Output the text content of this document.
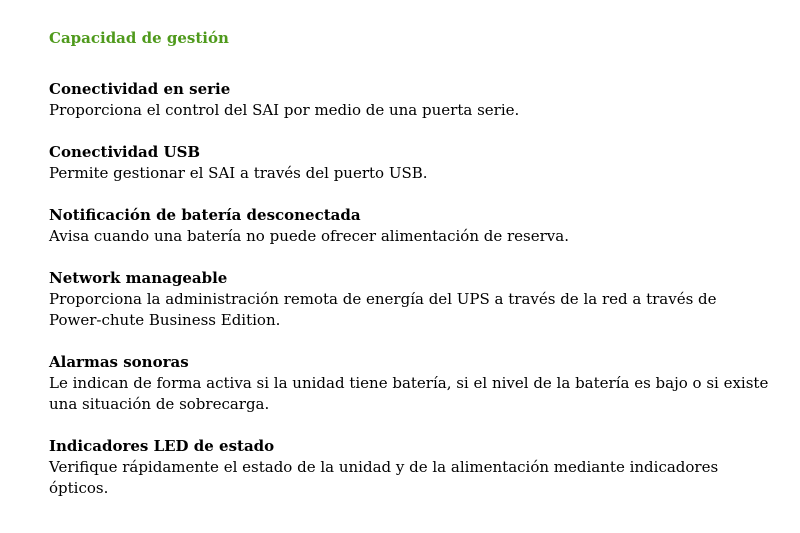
Capacidad de gestión
Conectividad en serie

Proporciona el control del SAI por medio de una puerta serie.

Conectividad USB

Permite gestionar el SAI a través del puerto USB.

Notificación de batería desconectada

Avisa cuando una batería no puede ofrecer alimentación de reserva.

Network manageable

Proporciona la administración remota de energía del UPS a través de la red a través de Power-chute Business Edition.

Alarmas sonoras

Le indican de forma activa si la unidad tiene batería, si el nivel de la batería es bajo o si existe una situación de sobrecarga.

Indicadores LED de estado

Verifique rápidamente el estado de la unidad y de la alimentación mediante indicadores ópticos.
